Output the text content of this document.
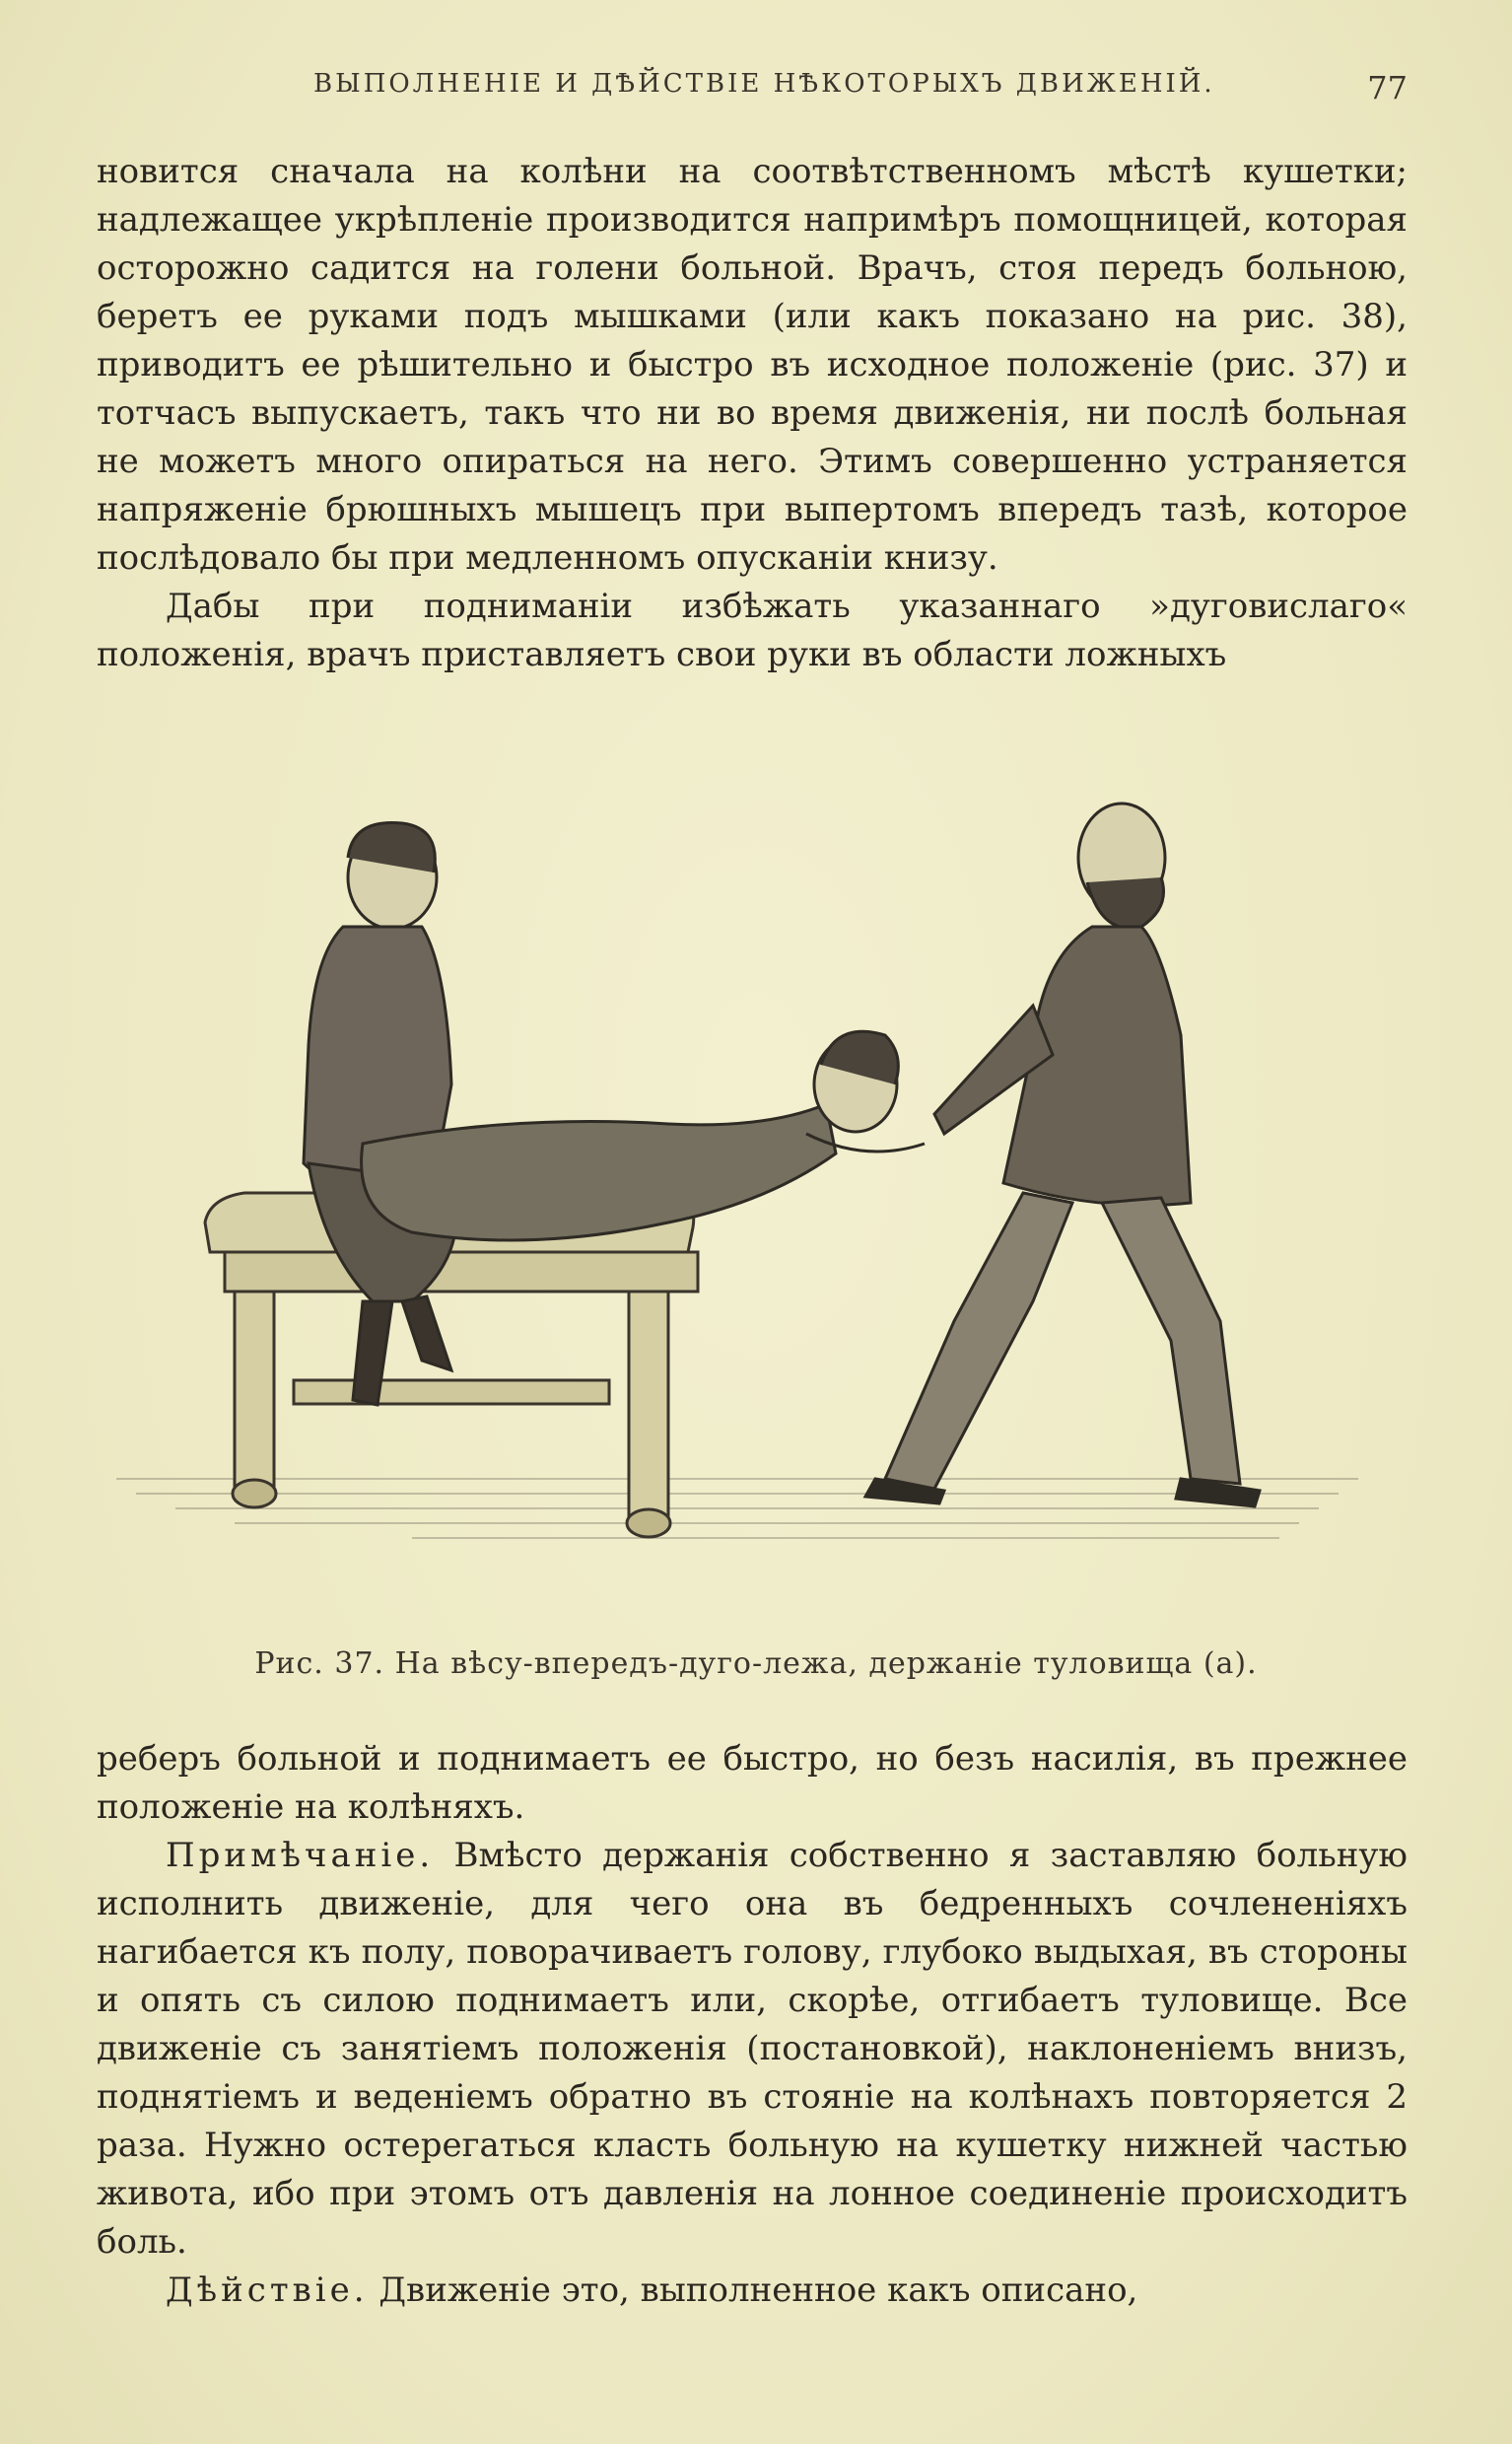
ВЫПОЛНЕНІЕ И ДѢЙСТВІЕ НѢКОТОРЫХЪ ДВИЖЕНІЙ.	77

новится сначала на колѣни на соотвѣтственномъ мѣстѣ кушетки; надлежащее укрѣпленіе производится напримѣръ помощницей, которая осторожно садится на голени больной. Врачъ, стоя передъ больною, беретъ ее руками подъ мышками (или какъ показано на рис. 38), приводитъ ее рѣшительно и быстро въ исходное положеніе (рис. 37) и тотчасъ выпускаетъ, такъ что ни во время движенія, ни послѣ больная не можетъ много опираться на него. Этимъ совершенно устраняется напряженіе брюшныхъ мышецъ при выпертомъ впередъ тазѣ, которое послѣдовало бы при медленномъ опусканіи книзу.

Дабы при подниманіи избѣжать указаннаго »дуговислаго« положенія, врачъ приставляетъ свои руки въ области ложныхъ

Рис. 37. На вѣсу-впередъ-дуго-лежа, держаніе туловища (а).

реберъ больной и поднимаетъ ее быстро, но безъ насилія, въ прежнее положеніе на колѣняхъ.

Примѣчаніе. Вмѣсто держанія собственно я заставляю больную исполнить движеніе, для чего она въ бедренныхъ сочлененіяхъ нагибается къ полу, поворачиваетъ голову, глубоко выдыхая, въ стороны и опять съ силою поднимаетъ или, скорѣе, отгибаетъ туловище. Все движеніе съ занятіемъ положенія (постановкой), наклоненіемъ внизъ, поднятіемъ и веденіемъ обратно въ стояніе на колѣнахъ повторяется 2 раза. Нужно остерегаться класть больную на кушетку нижней частью живота, ибо при этомъ отъ давленія на лонное соединеніе происходитъ боль.

Дѣйствіе. Движеніе это, выполненное какъ описано,
